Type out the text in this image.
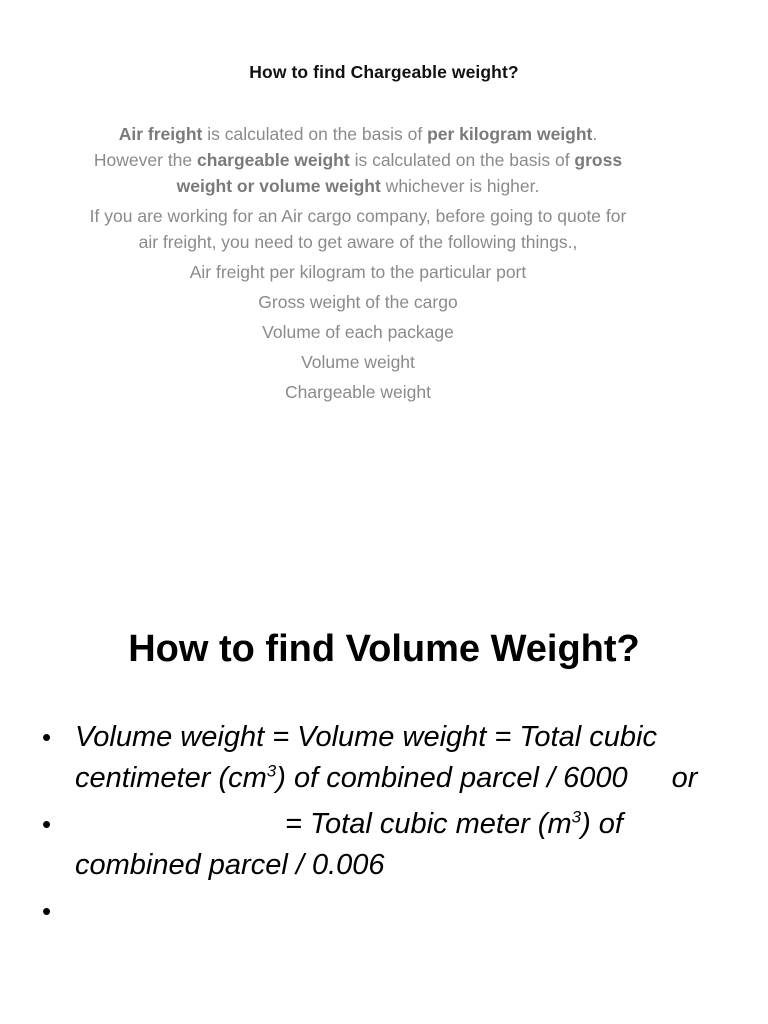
How to find Chargeable weight?

Air freight is calculated on the basis of per kilogram weight. However the chargeable weight is calculated on the basis of gross weight or volume weight whichever is higher.

If you are working for an Air cargo company, before going to quote for air freight, you need to get aware of the following things.,

Air freight per kilogram to the particular port

Gross weight of the cargo

Volume of each package

Volume weight

Chargeable weight

How to find Volume Weight?
• Volume weight = Volume weight = Total cubic centimeter $(cm^3)$ of combined parcel / 6000 or
•	= Total cubic meter $(m^3)$ of combined parcel / 0.006
•
